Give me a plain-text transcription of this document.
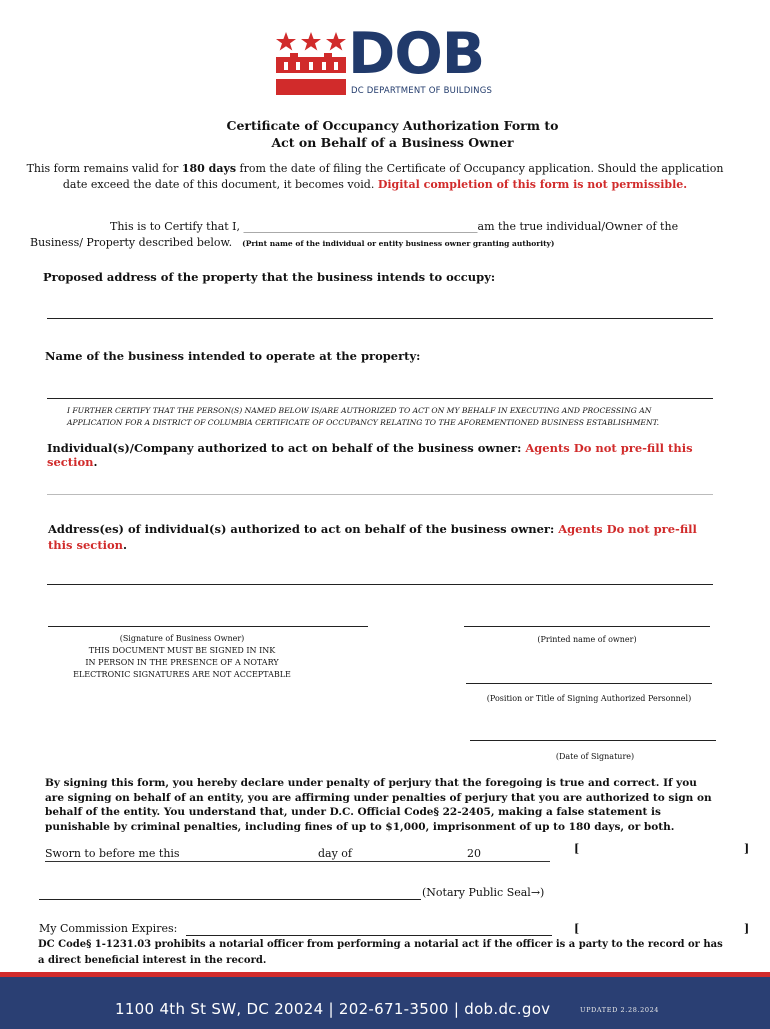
DOB
DC DEPARTMENT OF BUILDINGS
Certificate of Occupancy Authorization Form to
Act on Behalf of a Business Owner
This form remains valid for 180 days from the date of filing the Certificate of Occupancy application. Should the application date exceed the date of this document, it becomes void. Digital completion of this form is not permissible.
This is to Certify that I, ____________________________________________________am the true individual/Owner of the
Business/ Property described below. (Print name of the individual or entity business owner granting authority)
Proposed address of the property that the business intends to occupy:
Name of the business intended to operate at the property:
I FURTHER CERTIFY THAT THE PERSON(S) NAMED BELOW IS/ARE AUTHORIZED TO ACT ON MY BEHALF IN EXECUTING AND PROCESSING AN APPLICATION FOR A DISTRICT OF COLUMBIA CERTIFICATE OF OCCUPANCY RELATING TO THE AFOREMENTIONED BUSINESS ESTABLISHMENT.
Individual(s)/Company authorized to act on behalf of the business owner: Agents Do not pre-fill this section.
Address(es) of individual(s) authorized to act on behalf of the business owner: Agents Do not pre-fill this section.
(Signature of Business Owner)
THIS DOCUMENT MUST BE SIGNED IN INK
IN PERSON IN THE PRESENCE OF A NOTARY
ELECTRONIC SIGNATURES ARE NOT ACCEPTABLE
(Printed name of owner)
(Position or Title of Signing Authorized Personnel)
(Date of Signature)
By signing this form, you hereby declare under penalty of perjury that the foregoing is true and correct. If you are signing on behalf of an entity, you are affirming under penalties of perjury that you are authorized to sign on behalf of the entity. You understand that, under D.C. Official Code§ 22-2405, making a false statement is punishable by criminal penalties, including fines of up to $1,000, imprisonment of up to 180 days, or both.
Sworn to before me this	day of	20	[	]
(Notary Public Seal→)
My Commission Expires:	[	]
DC Code§ 1-1231.03 prohibits a notarial officer from performing a notarial act if the officer is a party to the record or has a direct beneficial interest in the record.
1100 4th St SW, DC 20024 | 202-671-3500 | dob.dc.gov	UPDATED 2.28.2024
